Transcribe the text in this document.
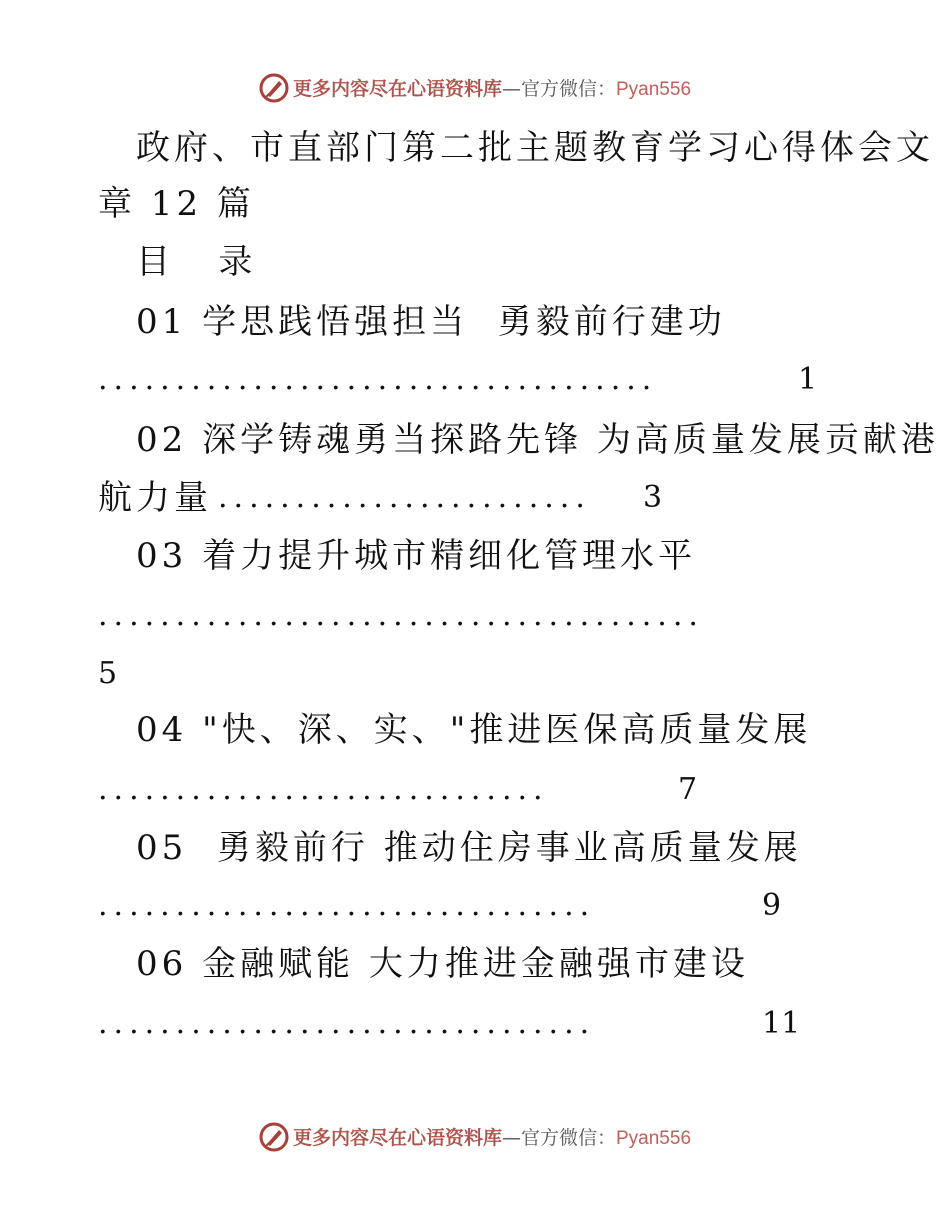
更多内容尽在心语资料库—官方微信：Pyan556
政府、市直部门第二批主题教育学习心得体会文
章 12 篇
目   录
01 学思践悟强担当  勇毅前行建功
....................................	1
02 深学铸魂勇当探路先锋 为高质量发展贡献港
航力量 ........................ 3
03 着力提升城市精细化管理水平
.......................................
5
04 "快、深、实、"推进医保高质量发展
.............................	7
05  勇毅前行 推动住房事业高质量发展
................................	9
06 金融赋能 大力推进金融强市建设
................................	11
更多内容尽在心语资料库—官方微信：Pyan556
